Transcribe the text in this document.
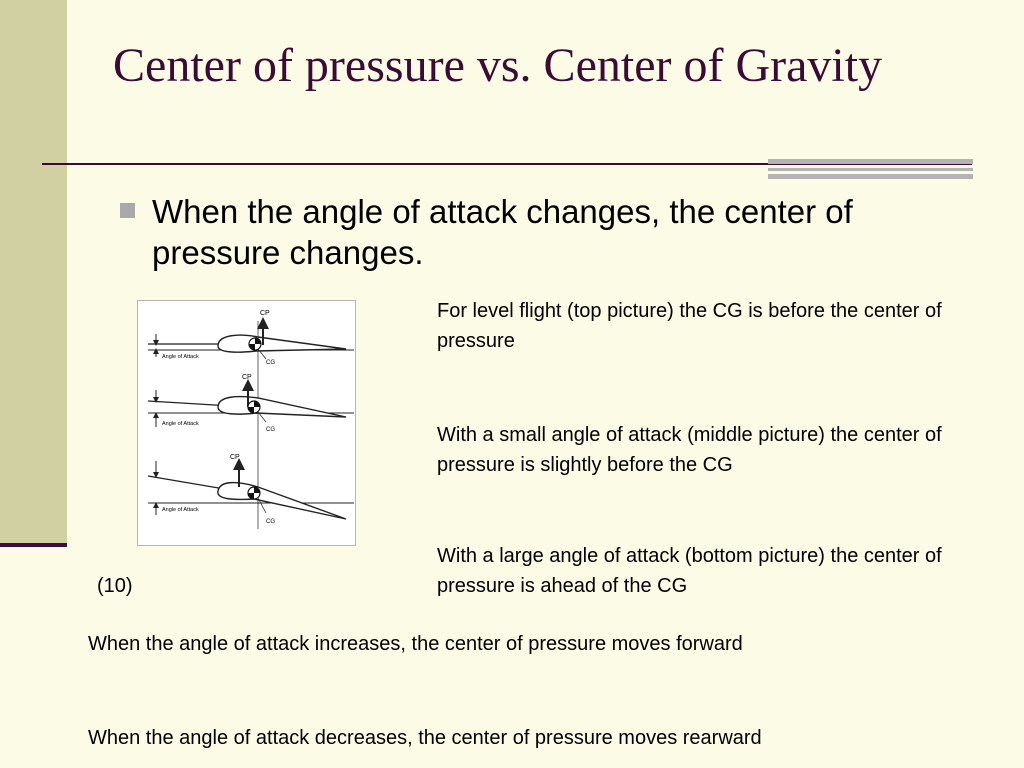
Center of pressure vs. Center of Gravity
When the angle of attack changes, the center of pressure changes.
CP
CG
Angle of Attack
CP
CG
Angle of Attack
CP
CG
Angle of Attack
(10)
For level flight (top picture) the CG is before the center of pressure
With a small angle of attack (middle picture) the center of pressure is slightly before the CG
With a large angle of attack (bottom picture) the center of pressure is ahead of the CG
When the angle of attack increases, the center of pressure moves forward
When the angle of attack decreases, the center of pressure moves rearward
